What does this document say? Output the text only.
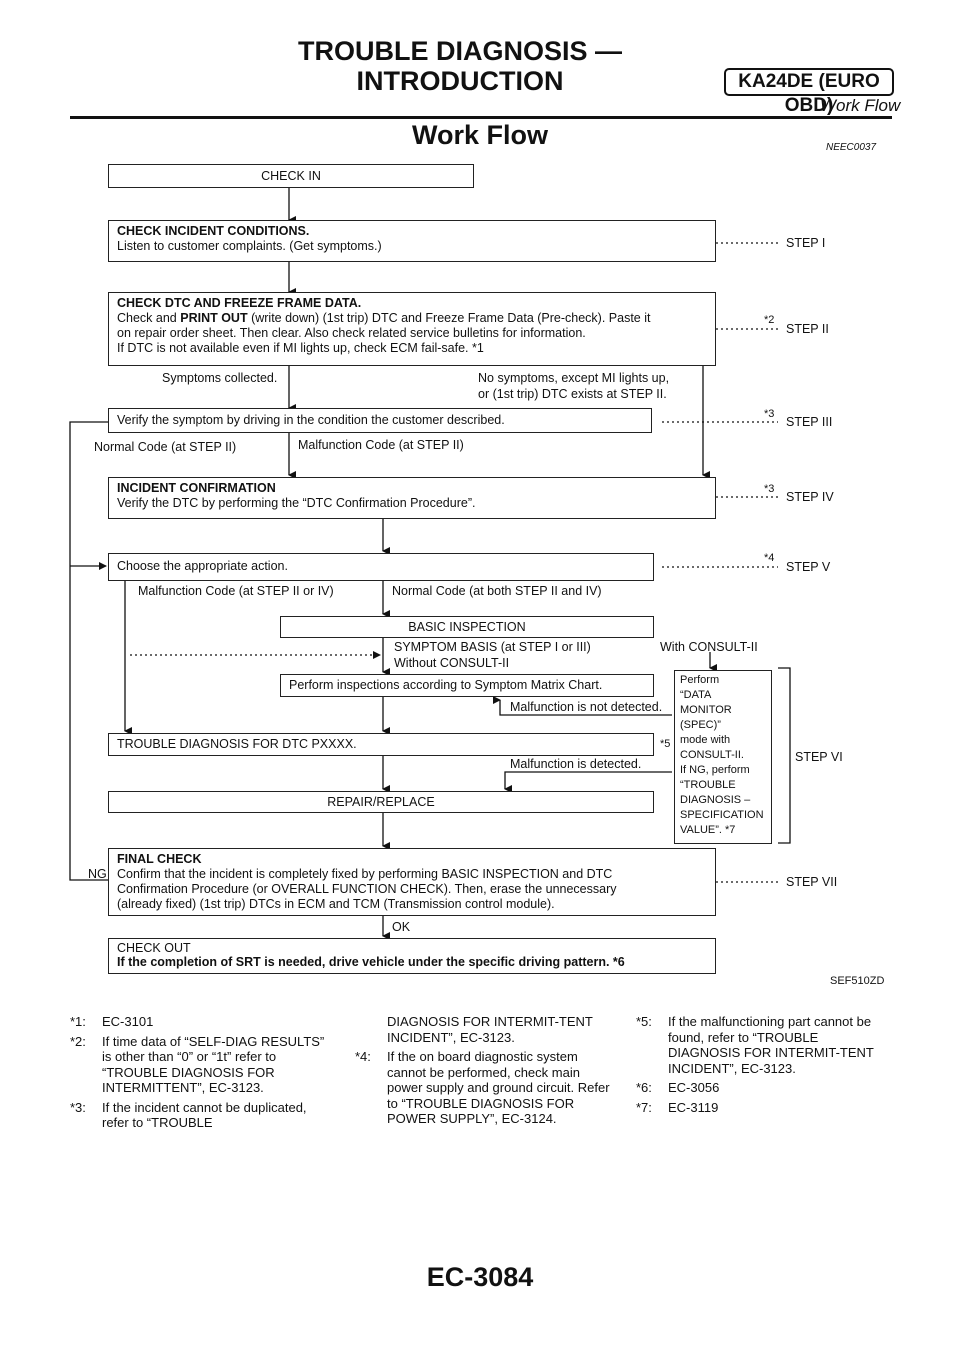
TROUBLE DIAGNOSIS —
INTRODUCTION	KA24DE (EURO OBD)
Work Flow
Work Flow	NEEC0037
CHECK IN
CHECK INCIDENT CONDITIONS.
Listen to customer complaints. (Get symptoms.)
CHECK DTC AND FREEZE FRAME DATA.
Check and PRINT OUT (write down) (1st trip) DTC and Freeze Frame Data (Pre-check). Paste it
on repair order sheet. Then clear. Also check related service bulletins for information.
If DTC is not available even if MI lights up, check ECM fail-safe. *1
Symptoms collected.	No symptoms, except MI lights up,
or (1st trip) DTC exists at STEP II.
Verify the symptom by driving in the condition the customer described.
Normal Code (at STEP II)	Malfunction Code (at STEP II)
INCIDENT CONFIRMATION
Verify the DTC by performing the “DTC Confirmation Procedure”.
Choose the appropriate action.
Malfunction Code (at STEP II or IV)	Normal Code (at both STEP II and IV)
BASIC INSPECTION
SYMPTOM BASIS (at STEP I or III)	With CONSULT-II
Without CONSULT-II
Perform inspections according to Symptom Matrix Chart.
Malfunction is not detected.
TROUBLE DIAGNOSIS FOR DTC PXXXX.
Malfunction is detected.
REPAIR/REPLACE
Perform
“DATA
MONITOR
(SPEC)”
mode with
CONSULT-II.
If NG, perform
“TROUBLE
DIAGNOSIS –
SPECIFICATION
VALUE”. *7
FINAL CHECK
Confirm that the incident is completely fixed by performing BASIC INSPECTION and DTC
Confirmation Procedure (or OVERALL FUNCTION CHECK). Then, erase the unnecessary
(already fixed) (1st trip) DTCs in ECM and TCM (Transmission control module).
NG
OK
CHECK OUT
If the completion of SRT is needed, drive vehicle under the specific driving pattern. *6
STEP I
*2
STEP II
*3
STEP III
*3
STEP IV
*4
STEP V
*5
STEP VI
STEP VII
SEF510ZD
*1:	EC-3101
*2:	If time data of “SELF-DIAG RESULTS” is other than “0” or “1t” refer to “TROUBLE DIAGNOSIS FOR INTERMITTENT”, EC-3123.
*3:	If the incident cannot be duplicated, refer to “TROUBLE
DIAGNOSIS FOR INTERMIT-TENT INCIDENT”, EC-3123.
*4:	If the on board diagnostic system cannot be performed, check main power supply and ground circuit. Refer to “TROUBLE DIAGNOSIS FOR POWER SUPPLY”, EC-3124.
*5:	If the malfunctioning part cannot be found, refer to “TROUBLE DIAGNOSIS FOR INTERMIT-TENT INCIDENT”, EC-3123.
*6:	EC-3056
*7:	EC-3119
EC-3084
